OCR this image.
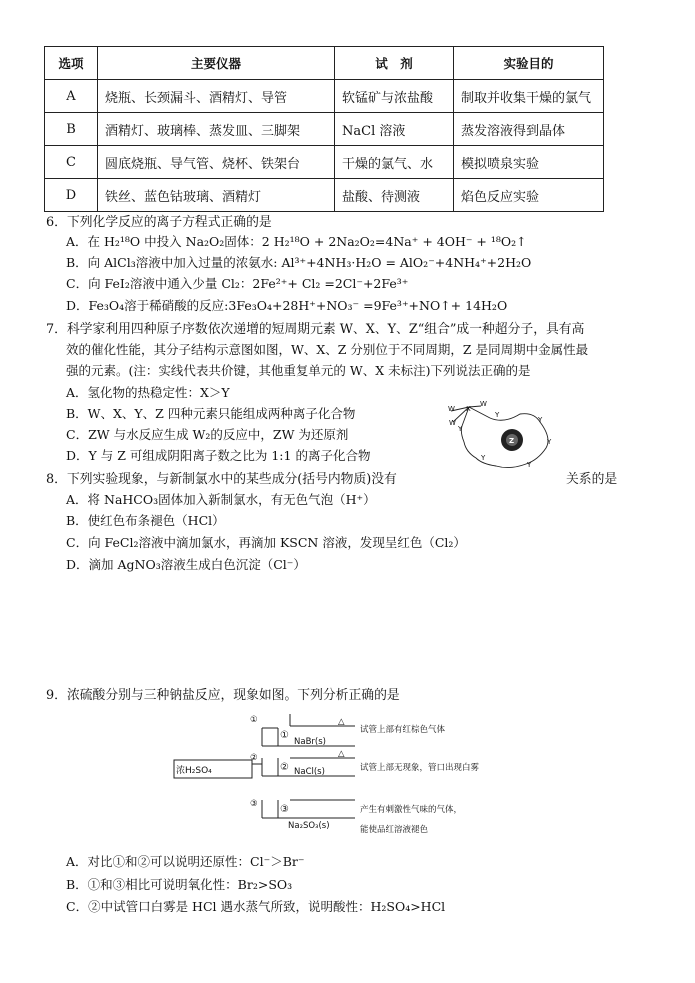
选项	主要仪器	试　剂	实验目的
A	烧瓶、长颈漏斗、酒精灯、导管	软锰矿与浓盐酸	制取并收集干燥的氯气
B	酒精灯、玻璃棒、蒸发皿、三脚架	NaCl 溶液	蒸发溶液得到晶体
C	圆底烧瓶、导气管、烧杯、铁架台	干燥的氯气、水	模拟喷泉实验
D	铁丝、蓝色钴玻璃、酒精灯	盐酸、待测液	焰色反应实验
6．下列化学反应的离子方程式正确的是
A．在 H₂¹⁸O 中投入 Na₂O₂固体：2 H₂¹⁸O + 2Na₂O₂=4Na⁺ + 4OH⁻ + ¹⁸O₂↑
B．向 AlCl₃溶液中加入过量的浓氨水: Al³⁺+4NH₃·H₂O = AlO₂⁻+4NH₄⁺+2H₂O
C．向 FeI₂溶液中通入少量 Cl₂：2Fe²⁺+ Cl₂ =2Cl⁻+2Fe³⁺
D．Fe₃O₄溶于稀硝酸的反应:3Fe₃O₄+28H⁺+NO₃⁻ =9Fe³⁺+NO↑+ 14H₂O
7．科学家利用四种原子序数依次递增的短周期元素 W、X、Y、Z“组合”成一种超分子，具有高
效的催化性能，其分子结构示意图如图，W、X、Z 分别位于不同周期，Z 是同周期中金属性最
强的元素。(注：实线代表共价键，其他重复单元的 W、X 未标注)下列说法正确的是
A．氢化物的热稳定性：X＞Y
B．W、X、Y、Z 四种元素只能组成两种离子化合物
C．ZW 与水反应生成 W₂的反应中，ZW 为还原剂
D．Y 与 Z 可组成阴阳离子数之比为 1:1 的离子化合物
W
W
W
X
Y
Y
Y
Y
Y
Y
Z
8．下列实验现象，与新制氯水中的某些成分(括号内物质)没有	关系的是
A．将 NaHCO₃固体加入新制氯水，有无色气泡（H⁺）
B．使红色布条褪色（HCl）
C．向 FeCl₂溶液中滴加氯水，再滴加 KSCN 溶液，发现呈红色（Cl₂）
D．滴加 AgNO₃溶液生成白色沉淀（Cl⁻）
9．浓硫酸分别与三种钠盐反应，现象如图。下列分析正确的是
浓H₂SO₄
①
①
NaBr(s)
△
试管上部有红棕色气体
②
② NaCl(s)
△
试管上部无现象，管口出现白雾
③ ③
Na₂SO₃(s)
产生有刺激性气味的气体，
能使品红溶液褪色
A．对比①和②可以说明还原性：Cl⁻＞Br⁻
B．①和③相比可说明氧化性：Br₂>SO₃
C．②中试管口白雾是 HCl 遇水蒸气所致，说明酸性：H₂SO₄>HCl
